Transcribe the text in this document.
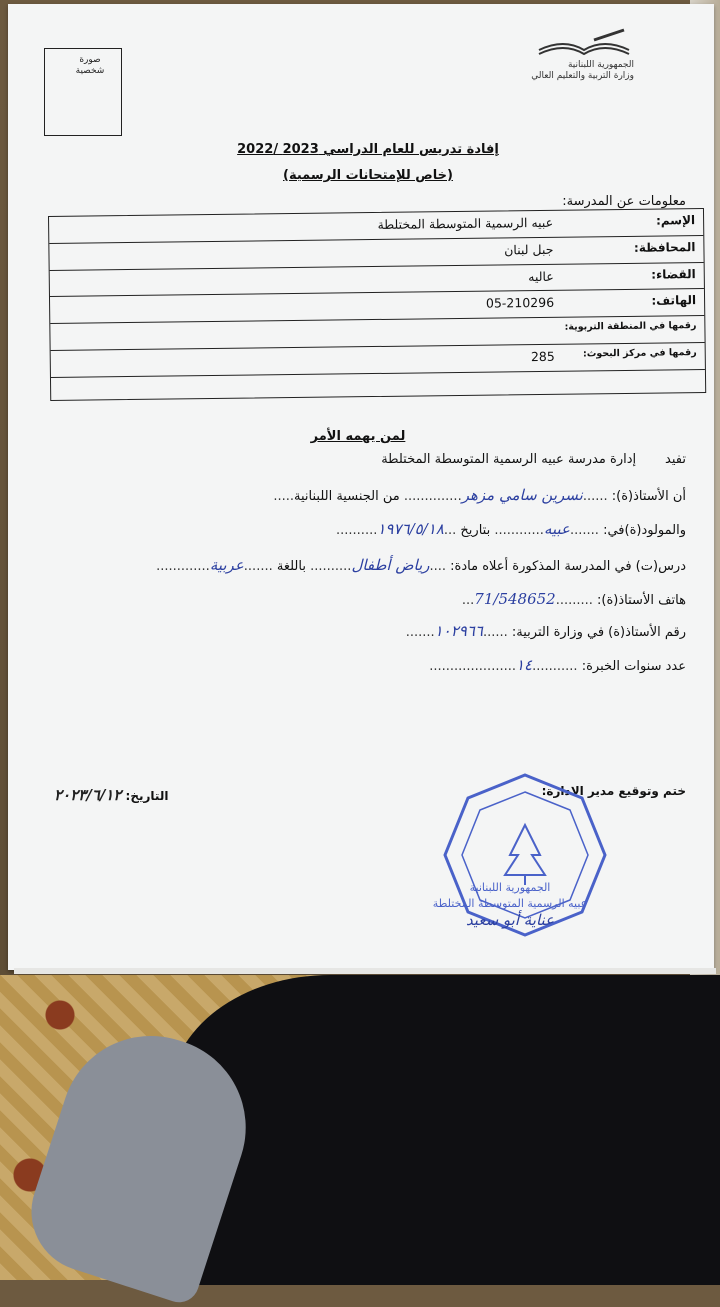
صورة شخصية
الجمهورية اللبنانية
وزارة التربية والتعليم العالي
إفادة تدريس للعام الدراسي 2023 /2022
(خاص للإمتحانات الرسمية)
معلومات عن المدرسة:
الإسم:
عبيه الرسمية المتوسطة المختلطة
المحافظة:
جبل لبنان
القضاء:
عاليه
الهاتف:
05-210296
رقمها في المنطقة التربوية:
رقمها في مركز البحوث:
285
لمن يهمه الأمر
تفيد       إدارة مدرسة عبيه الرسمية المتوسطة المختلطة
أن الأستاذ(ة): ......نسرين سامي مزهر.............. من الجنسية اللبنانية.....
والمولود(ة)في: .......عبيه............ بتاريخ ...١٩٧٦/٥/١٨..........
درس(ت) في المدرسة المذكورة أعلاه مادة: ....رياض أطفال.......... باللغة .......عربية.............
هاتف الأستاذ(ة): .........71/548652...
رقم الأستاذ(ة) في وزارة التربية: ......١٠٢٩٦٦.......
عدد سنوات الخبرة: ...........١٤.....................
ختم وتوقيع مدير الادارة:
التاريخ: ٢٠٢٣/٦/١٢
الجمهورية اللبنانية
عبيه الرسمية المتوسطة المختلطة
عناية أبو سعيد
